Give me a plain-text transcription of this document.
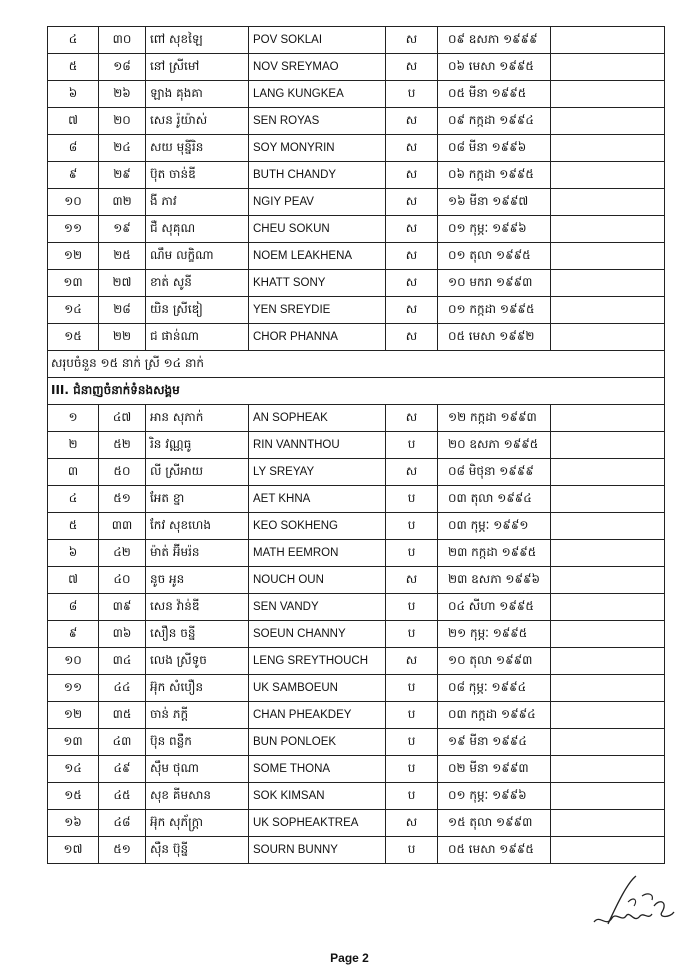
៤	៣០	ពៅ សុខឡៃ	POV SOKLAI	ស	០៩ ឧសភា ១៩៩៩	
៥	១៨	នៅ ស្រីមៅ	NOV SREYMAO	ស	០៦ មេសា ១៩៩៥	
៦	២៦	ឡាង គុងគា	LANG KUNGKEA	ប	០៥ មីនា ១៩៩៥	
៧	២០	សេន រ៉ូយ៉ាស់	SEN ROYAS	ស	០៩ កក្កដា ១៩៩៤	
៨	២៤	សយ មុន្នីរិន	SOY MONYRIN	ស	០៨ មីនា ១៩៩៦	
៩	២៩	ប៊ុត ចាន់ឌី	BUTH CHANDY	ស	០៦ កក្កដា ១៩៩៥	
១០	៣២	ងី ភាវ	NGIY PEAV	ស	១៦ មីនា ១៩៩៧	
១១	១៩	ជឺ សុគុណ	CHEU SOKUN	ស	០១ កុម្ភៈ ១៩៩៦	
១២	២៥	ណឹម លក្ខិណា	NOEM LEAKHENA	ស	០១ តុលា ១៩៩៥	
១៣	២៧	ខាត់ សូនី	KHATT SONY	ស	១០ មករា ១៩៩៣	
១៤	២៨	យិន ស្រីឌៀ	YEN SREYDIE	ស	០១ កក្កដា ១៩៩៥	
១៥	២២	ជ ផាន់ណា	CHOR PHANNA	ស	០៥ មេសា ១៩៩២	
សរុបចំនួន ១៥ នាក់ ស្រី ១៤ នាក់						
III. ជំនាញចំនាក់ទំនងសង្គម						
១	៤៧	អាន សុភាក់	AN SOPHEAK	ស	១២ កក្កដា ១៩៩៣	
២	៥២	រិន វណ្ណធូ	RIN VANNTHOU	ប	២០ ឧសភា ១៩៩៥	
៣	៥០	លី ស្រីអាយ	LY SREYAY	ស	០៨ មិថុនា ១៩៩៩	
៤	៥១	អែត ខ្នា	AET KHNA	ប	០៣ តុលា ១៩៩៤	
៥	៣៣	កែវ សុខហេង	KEO SOKHENG	ប	០៣ កុម្ភៈ ១៩៩១	
៦	៤២	ម៉ាត់ អ៊ីមរ៉ន	MATH EEMRON	ប	២៣ កក្កដា ១៩៩៥	
៧	៤០	នូច អូន	NOUCH OUN	ស	២៣ ឧសភា ១៩៩៦	
៨	៣៩	សេន វ៉ាន់ឌី	SEN VANDY	ប	០៤ សីហា ១៩៩៥	
៩	៣៦	សឿន ចន្នី	SOEUN CHANNY	ប	២១ កុម្ភៈ ១៩៩៥	
១០	៣៤	លេង ស្រីទូច	LENG SREYTHOUCH	ស	១០ តុលា ១៩៩៣	
១១	៤៤	អ៊ុក សំបឿន	UK SAMBOEUN	ប	០៨ កុម្ភៈ ១៩៩៤	
១២	៣៥	ចាន់ ភក្តី	CHAN PHEAKDEY	ប	០៣ កក្កដា ១៩៩៤	
១៣	៤៣	ប៊ុន ពន្លឺក	BUN PONLOEK	ប	១៩ មីនា ១៩៩៤	
១៤	៤៩	ស៊ឹម ថុណា	SOME THONA	ប	០២ មីនា ១៩៩៣	
១៥	៤៥	សុខ គីមសាន	SOK KIMSAN	ប	០១ កុម្ភៈ ១៩៩៦	
១៦	៤៨	អ៊ុក សុភ័ក្ត្រា	UK SOPHEAKTREA	ស	១៥ តុលា ១៩៩៣	
១៧	៥១	ស៊ឺន ប៊ុន្នី	SOURN BUNNY	ប	០៥ មេសា ១៩៩៥	
Page 2
